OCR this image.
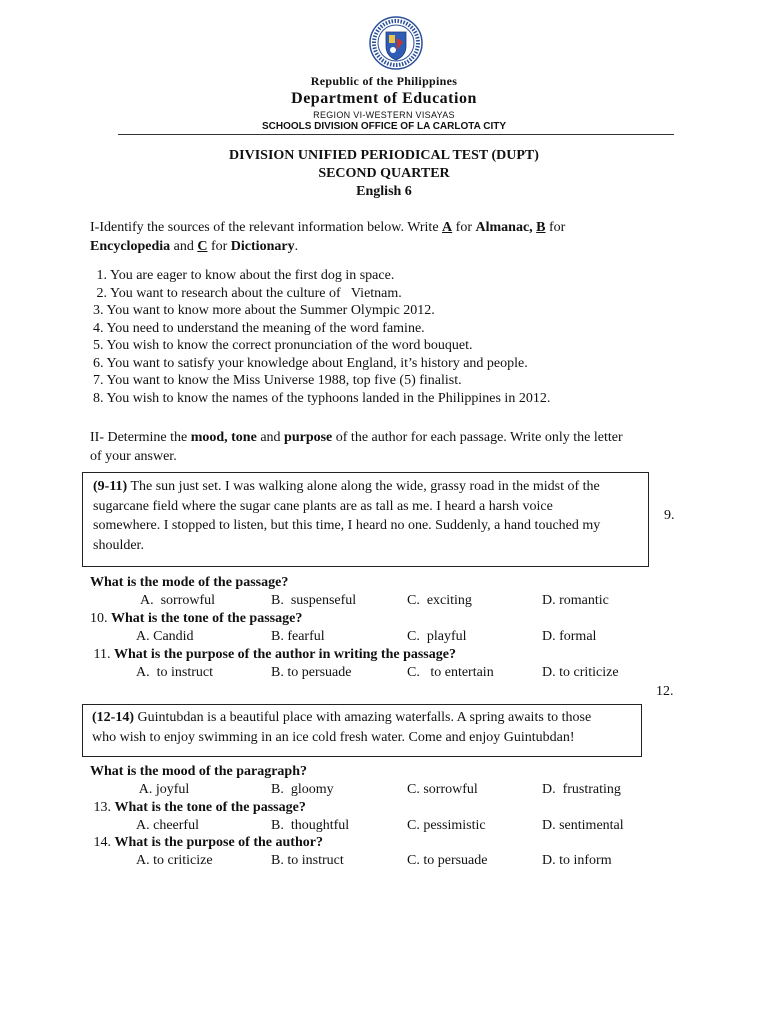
Republic of the Philippines
Department of Education
REGION VI-WESTERN VISAYAS
SCHOOLS DIVISION OFFICE OF LA CARLOTA CITY
DIVISION UNIFIED PERIODICAL TEST (DUPT)
SECOND QUARTER
English 6
I-Identify the sources of the relevant information below. Write A for Almanac, B for
Encyclopedia and C for Dictionary.
1. You are eager to know about the first dog in space.
2. You want to research about the culture of   Vietnam.
3. You want to know more about the Summer Olympic 2012.
4. You need to understand the meaning of the word famine.
5. You wish to know the correct pronunciation of the word bouquet.
6. You want to satisfy your knowledge about England, it’s history and people.
7. You want to know the Miss Universe 1988, top five (5) finalist.
8. You wish to know the names of the typhoons landed in the Philippines in 2012.
II- Determine the mood, tone and purpose of the author for each passage. Write only the letter
of your answer.

(9-11) The sun just set. I was walking alone along the wide, grassy road in the midst of the

sugarcane field where the sugar cane plants are as tall as me. I heard a harsh voice

somewhere. I stopped to listen, but this time, I heard no one. Suddenly, a hand touched my

shoulder.

9.
What is the mode of the passage?
A.  sorrowful	B.  suspenseful	C.  exciting	D. romantic
10. What is the tone of the passage?
A. Candid	B. fearful	C.  playful	D. formal
11. What is the purpose of the author in writing the passage?
A.  to instruct	B. to persuade	C.   to entertain	D. to criticize
12.

(12-14) Guintubdan is a beautiful place with amazing waterfalls. A spring awaits to those

who wish to enjoy swimming in an ice cold fresh water. Come and enjoy Guintubdan!

What is the mood of the paragraph?
A. joyful	B.  gloomy	C. sorrowful	D.  frustrating
13. What is the tone of the passage?
A. cheerful	B.  thoughtful	C. pessimistic	D. sentimental
14. What is the purpose of the author?
A. to criticize	B. to instruct	C. to persuade	D. to inform
